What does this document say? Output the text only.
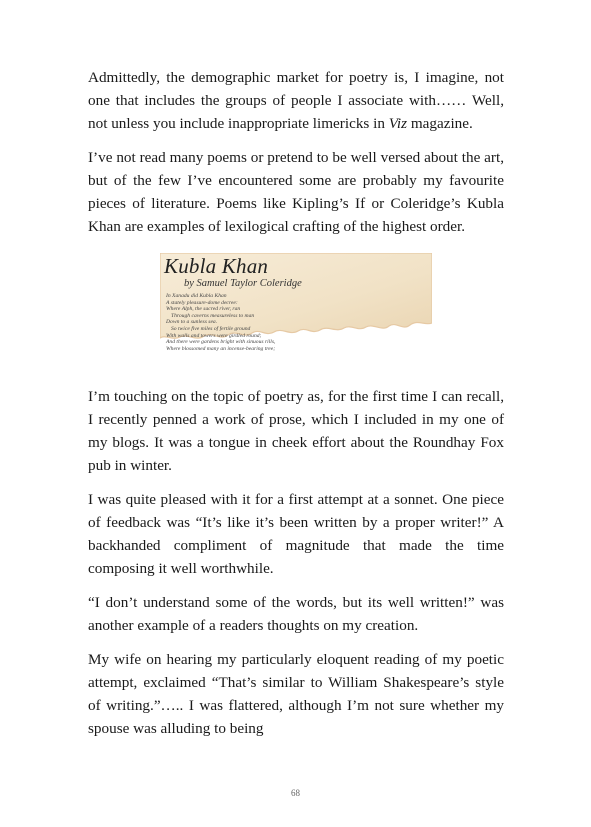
Admittedly, the demographic market for poetry is, I imagine, not one that includes the groups of people I associate with…… Well, not unless you include inappropriate limericks in Viz magazine.

I’ve not read many poems or pretend to be well versed about the art, but of the few I’ve encountered some are probably my favourite pieces of literature. Poems like Kipling’s If or Coleridge’s Kubla Khan are examples of lexilogical crafting of the highest order.

Kubla Khan
by Samuel Taylor Coleridge
In Xanadu did Kubla Khan
A stately pleasure-dome decree:
Where Alph, the sacred river, ran
Through caverns measureless to man
Down to a sunless sea.
So twice five miles of fertile ground
With walls and towers were girdled round;
And there were gardens bright with sinuous rills,
Where blossomed many an incense-bearing tree;

I’m touching on the topic of poetry as, for the first time I can recall, I recently penned a work of prose, which I included in my one of my blogs. It was a tongue in cheek effort about the Roundhay Fox pub in winter.

I was quite pleased with it for a first attempt at a sonnet. One piece of feedback was “It’s like it’s been written by a proper writer!” A backhanded compliment of magnitude that made the time composing it well worthwhile.

“I don’t understand some of the words, but its well written!” was another example of a readers thoughts on my creation.

My wife on hearing my particularly eloquent reading of my poetic attempt, exclaimed “That’s similar to William Shakespeare’s style of writing.”….. I was flattered, although I’m not sure whether my spouse was alluding to being

68
